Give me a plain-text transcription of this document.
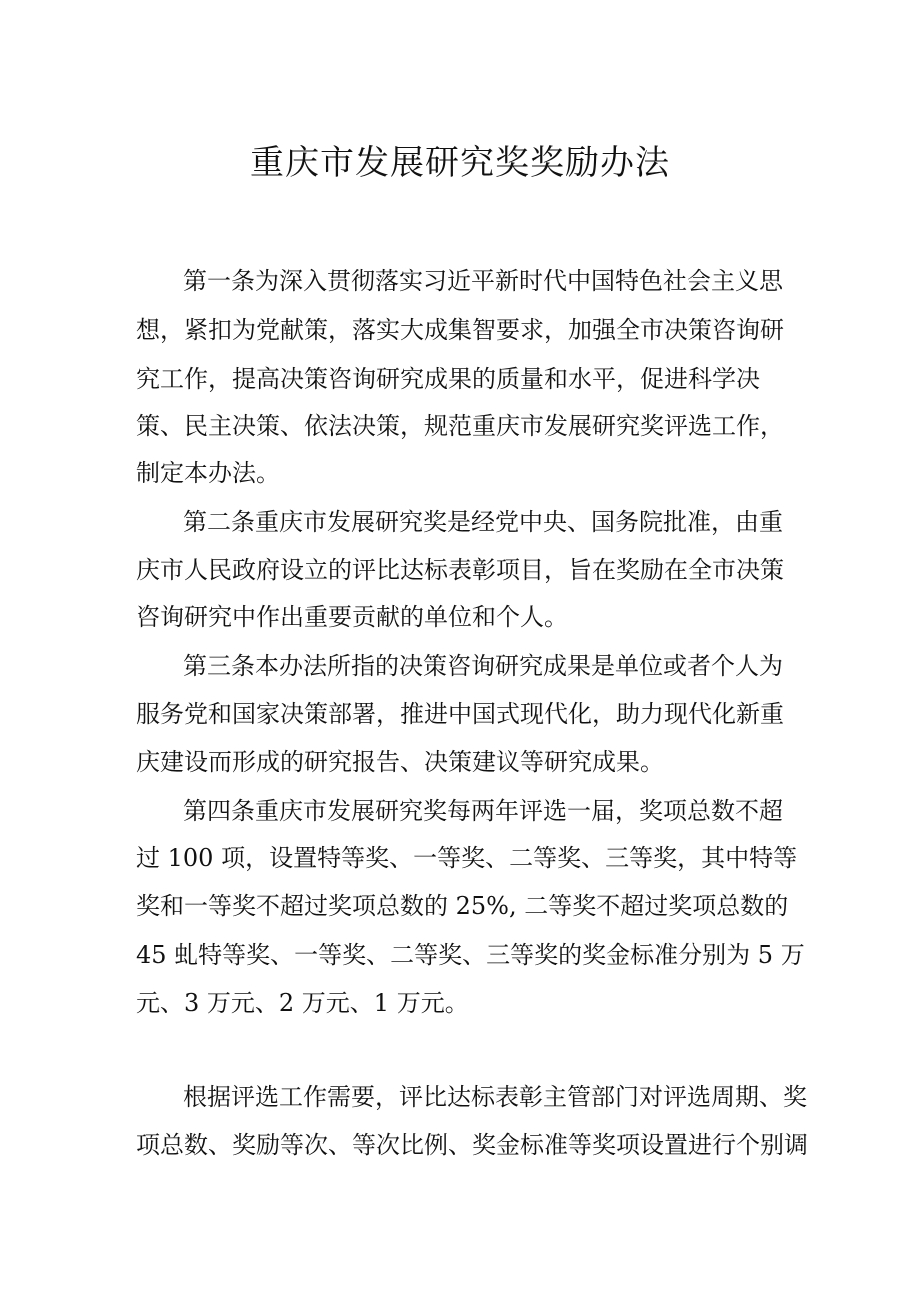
重庆市发展研究奖奖励办法
第一条为深入贯彻落实习近平新时代中国特色社会主义思
想，紧扣为党献策，落实大成集智要求，加强全市决策咨询研
究工作，提高决策咨询研究成果的质量和水平，促进科学决
策、民主决策、依法决策，规范重庆市发展研究奖评选工作，
制定本办法。
第二条重庆市发展研究奖是经党中央、国务院批准，由重
庆市人民政府设立的评比达标表彰项目，旨在奖励在全市决策
咨询研究中作出重要贡献的单位和个人。
第三条本办法所指的决策咨询研究成果是单位或者个人为
服务党和国家决策部署，推进中国式现代化，助力现代化新重
庆建设而形成的研究报告、决策建议等研究成果。
第四条重庆市发展研究奖每两年评选一届，奖项总数不超
过 100 项，设置特等奖、一等奖、二等奖、三等奖，其中特等
奖和一等奖不超过奖项总数的 25%, 二等奖不超过奖项总数的
45 虬特等奖、一等奖、二等奖、三等奖的奖金标准分别为 5 万
元、3 万元、2 万元、1 万元。
根据评选工作需要，评比达标表彰主管部门对评选周期、奖
项总数、奖励等次、等次比例、奖金标准等奖项设置进行个别调
